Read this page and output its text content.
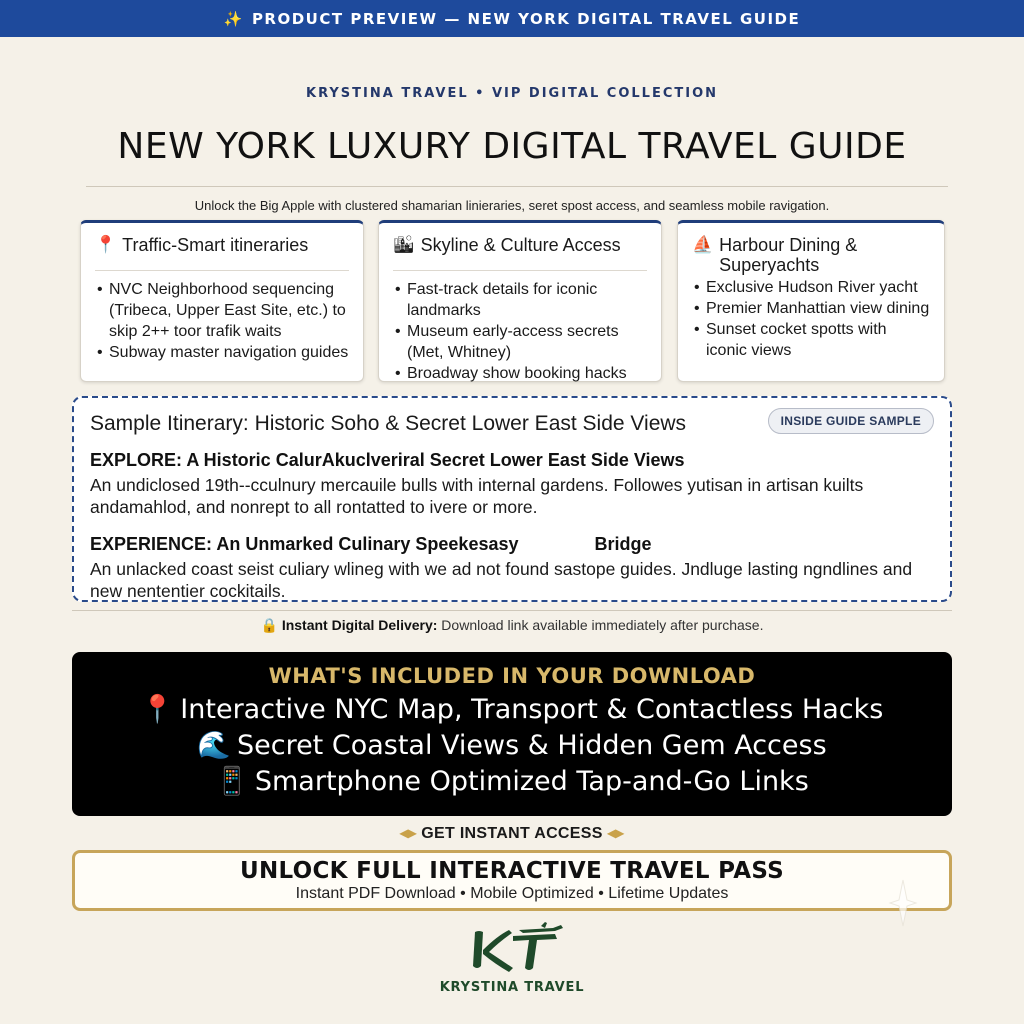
✨ PRODUCT PREVIEW — NEW YORK DIGITAL TRAVEL GUIDE
KRYSTINA TRAVEL • VIP DIGITAL COLLECTION
NEW YORK LUXURY DIGITAL TRAVEL GUIDE
Unlock the Big Apple with clustered shamarian linieraries, seret spost access, and seamless mobile ravigation.
📍 Traffic-Smart itineraries
• NVC Neighborhood sequencing (Tribeca, Upper East Site, etc.) to skip 2++ toor trafik waits
• Subway master navigation guides
🏙 Skyline & Culture Access
• Fast-track details for iconic landmarks
• Museum early-access secrets (Met, Whitney)
• Broadway show booking hacks
⛵ Harbour Dining & Superyachts
• Exclusive Hudson River yacht
• Premier Manhattian view dining
• Sunset cocket spotts with iconic views
Sample Itinerary: Historic Soho & Secret Lower East Side Views	INSIDE GUIDE SAMPLE
EXPLORE: A Historic CalurAkuclveriral Secret Lower East Side Views
An undiclosed 19th--cculnury mercauile bulls with internal gardens. Followes yutisan in artisan kuilts andamahlod, and nonrept to all rontatted to ivere or more.
EXPERIENCE: An Unmarked Culinary Speekesasy	Bridge
An unlacked coast seist culiary wlineg with we ad not found sastope guides. Jndluge lasting ngndlines and new nententier cockitails.
🔒 Instant Digital Delivery: Download link available immediately after purchase.
WHAT'S INCLUDED IN YOUR DOWNLOAD
📍 Interactive NYC Map, Transport & Contactless Hacks
🌊 Secret Coastal Views & Hidden Gem Access
📱 Smartphone Optimized Tap-and-Go Links
◂▸ GET INSTANT ACCESS ◂▸
UNLOCK FULL INTERACTIVE TRAVEL PASS
Instant PDF Download • Mobile Optimized • Lifetime Updates
KRYSTINA TRAVEL
